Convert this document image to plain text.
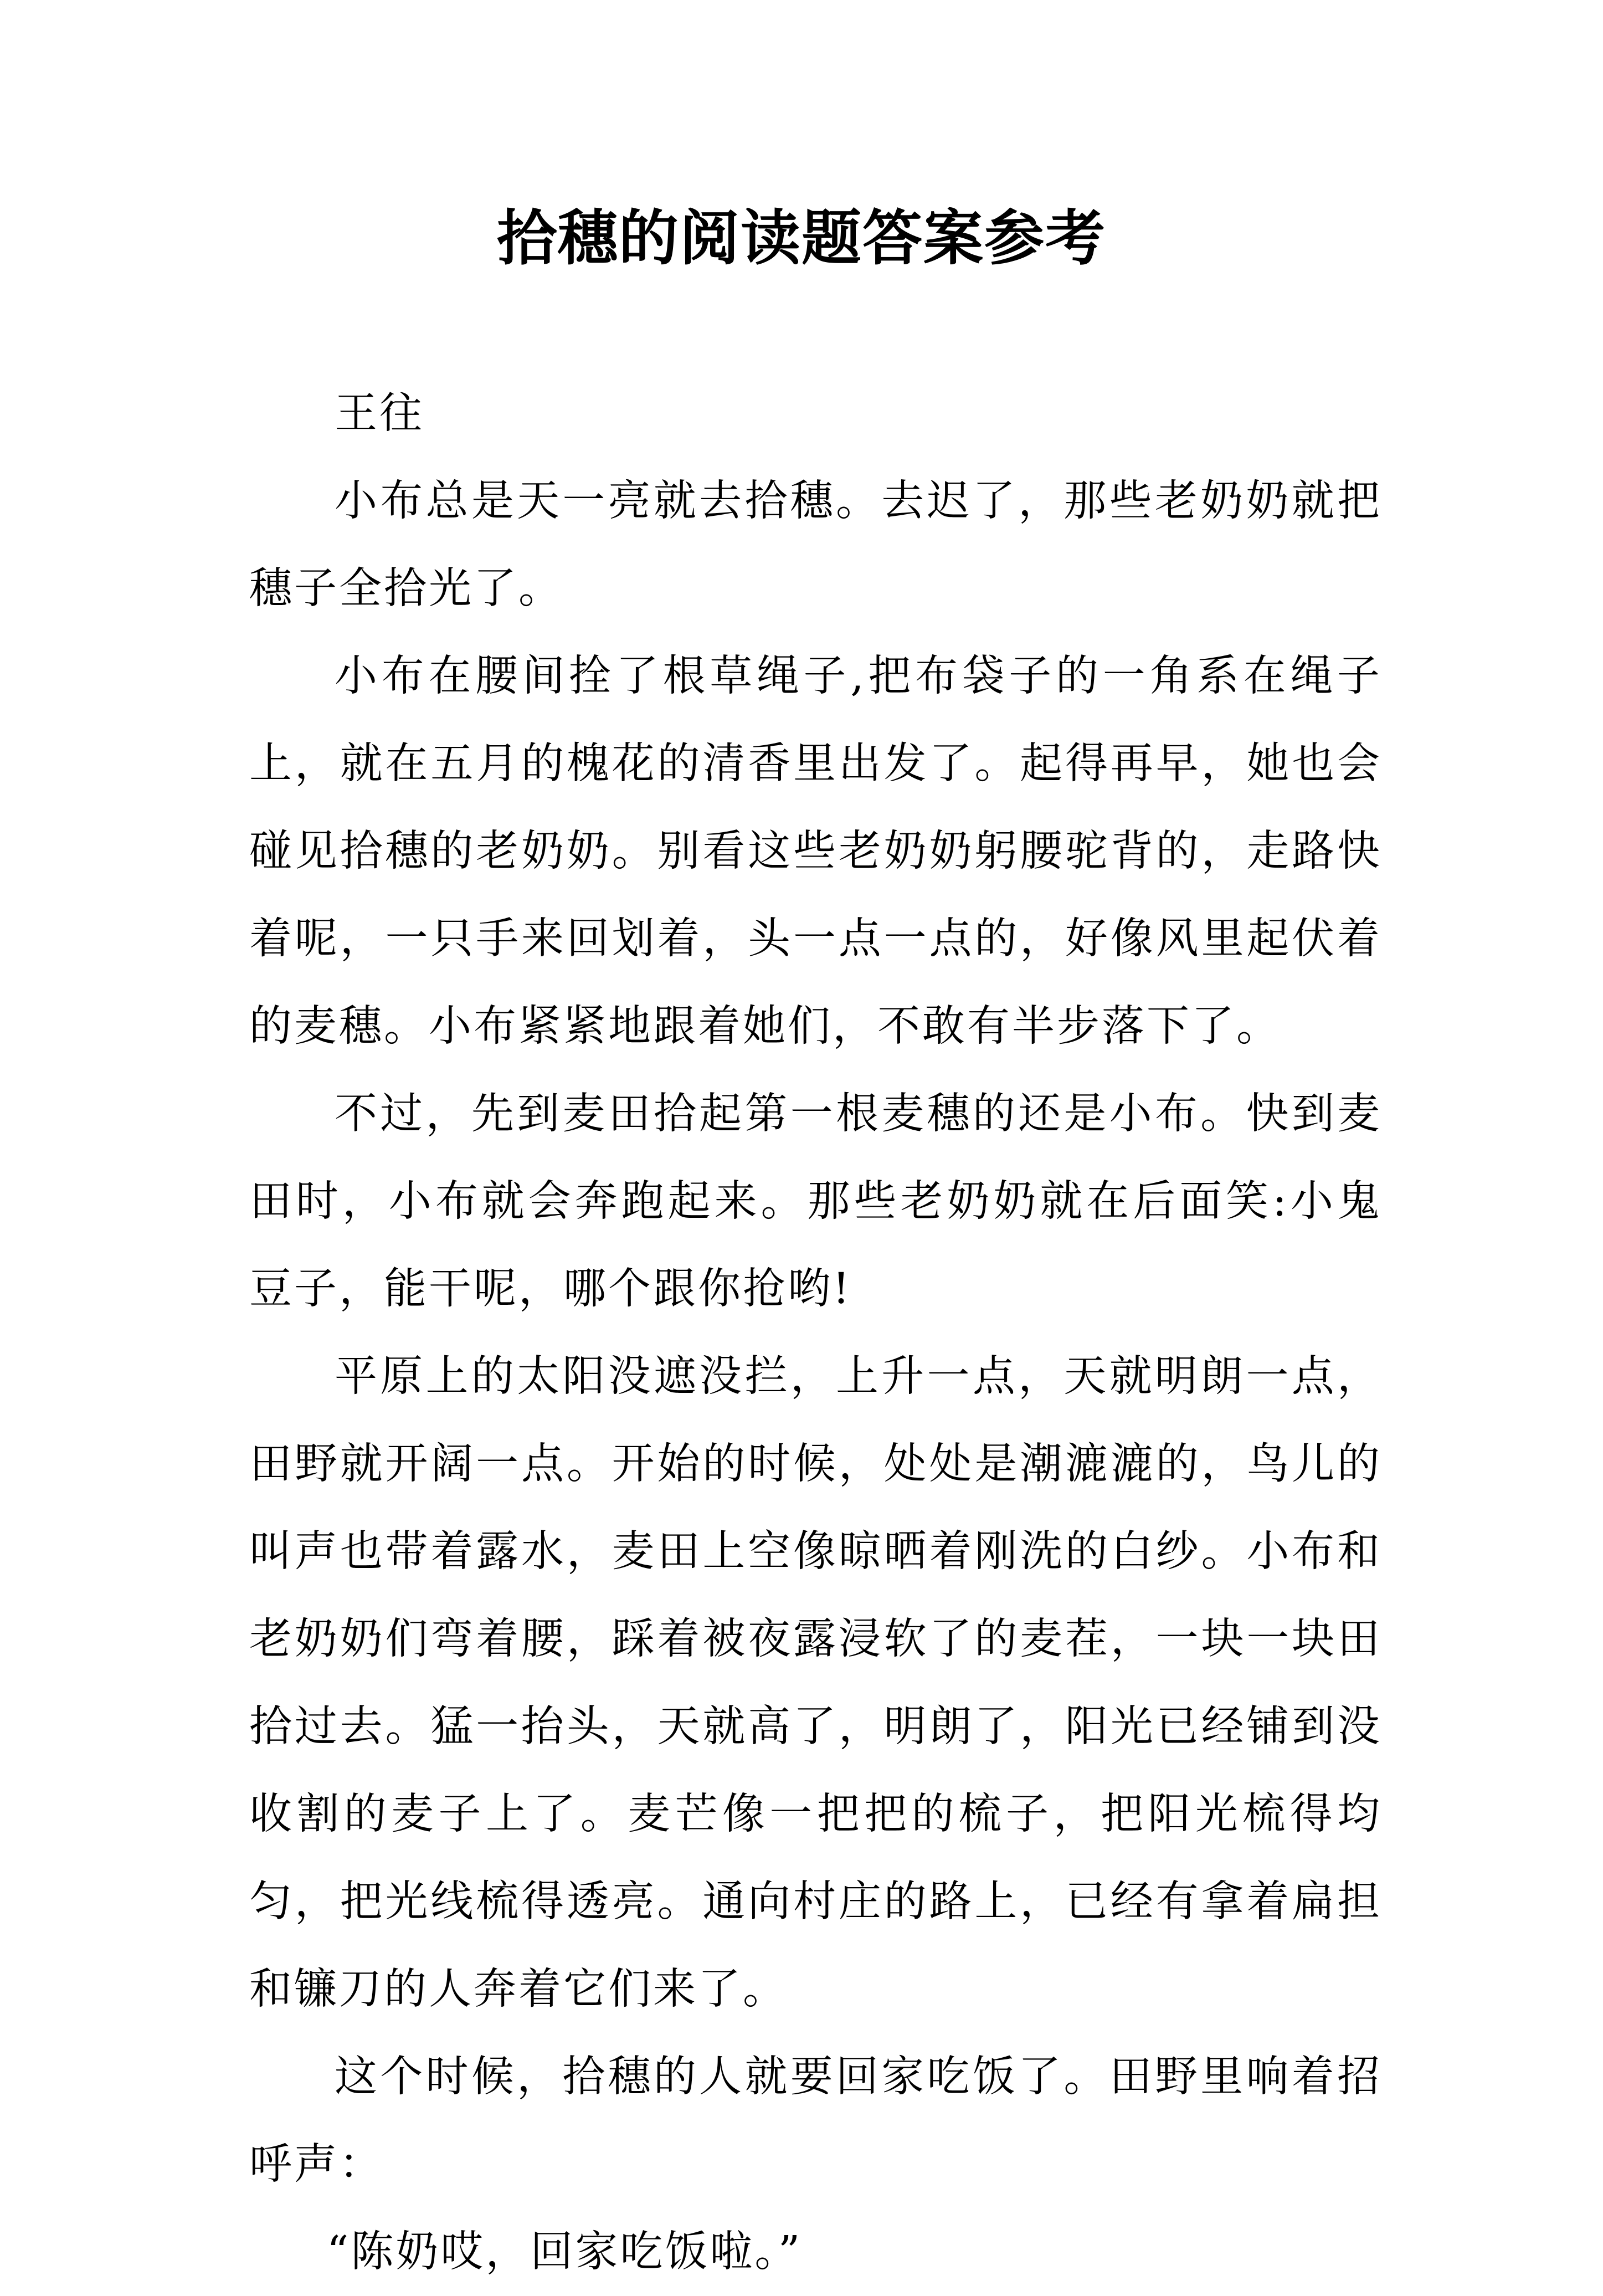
拾穗的阅读题答案参考

王往

小布总是天一亮就去拾穗。去迟了，那些老奶奶就把穗子全拾光了。

小布在腰间拴了根草绳子,把布袋子的一角系在绳子上，就在五月的槐花的清香里出发了。起得再早，她也会碰见拾穗的老奶奶。别看这些老奶奶躬腰驼背的，走路快着呢，一只手来回划着，头一点一点的，好像风里起伏着的麦穗。小布紧紧地跟着她们，不敢有半步落下了。

不过，先到麦田拾起第一根麦穗的还是小布。快到麦田时，小布就会奔跑起来。那些老奶奶就在后面笑:小鬼豆子，能干呢，哪个跟你抢哟!

平原上的太阳没遮没拦，上升一点，天就明朗一点，田野就开阔一点。开始的时候，处处是潮漉漉的，鸟儿的叫声也带着露水，麦田上空像晾晒着刚洗的白纱。小布和老奶奶们弯着腰，踩着被夜露浸软了的麦茬，一块一块田拾过去。猛一抬头，天就高了，明朗了，阳光已经铺到没收割的麦子上了。麦芒像一把把的梳子，把阳光梳得均匀，把光线梳得透亮。通向村庄的路上，已经有拿着扁担和镰刀的人奔着它们来了。

这个时候，拾穗的人就要回家吃饭了。田野里响着招呼声：

“陈奶哎，回家吃饭啦。”
